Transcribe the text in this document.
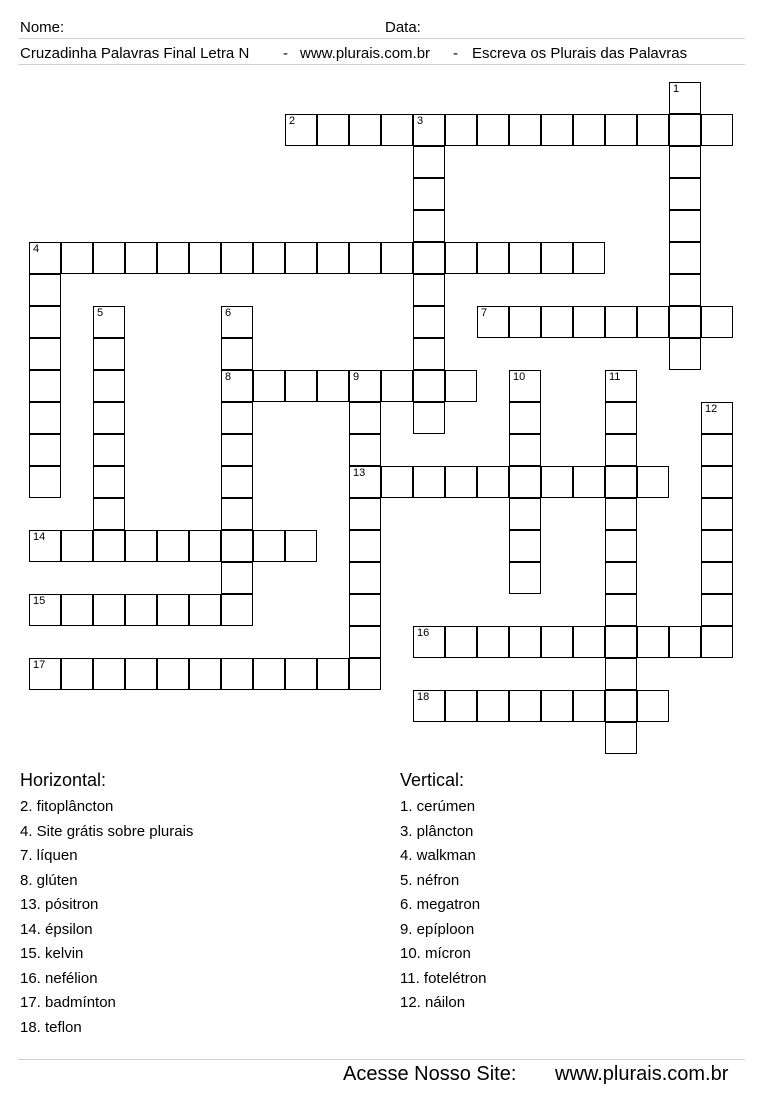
Nome:	Data:
Cruzadinha Palavras Final Letra N - www.plurais.com.br - Escreva os Plurais das Palavras
1
2	3
4
5	6
8
7
9
13
10	11
12
14
15
16
17
18
Horizontal:	Vertical:
2. fitoplâncton
4. Site grátis sobre plurais
7. líquen
8. glúten
13. pósitron
14. épsilon
15. kelvin
16. nefélion
17. badmínton
18. teflon
1. cerúmen
3. plâncton
4. walkman
5. néfron
6. megatron
9. epíploon
10. mícron
11. fotelétron
12. náilon
Acesse Nosso Site: www.plurais.com.br
